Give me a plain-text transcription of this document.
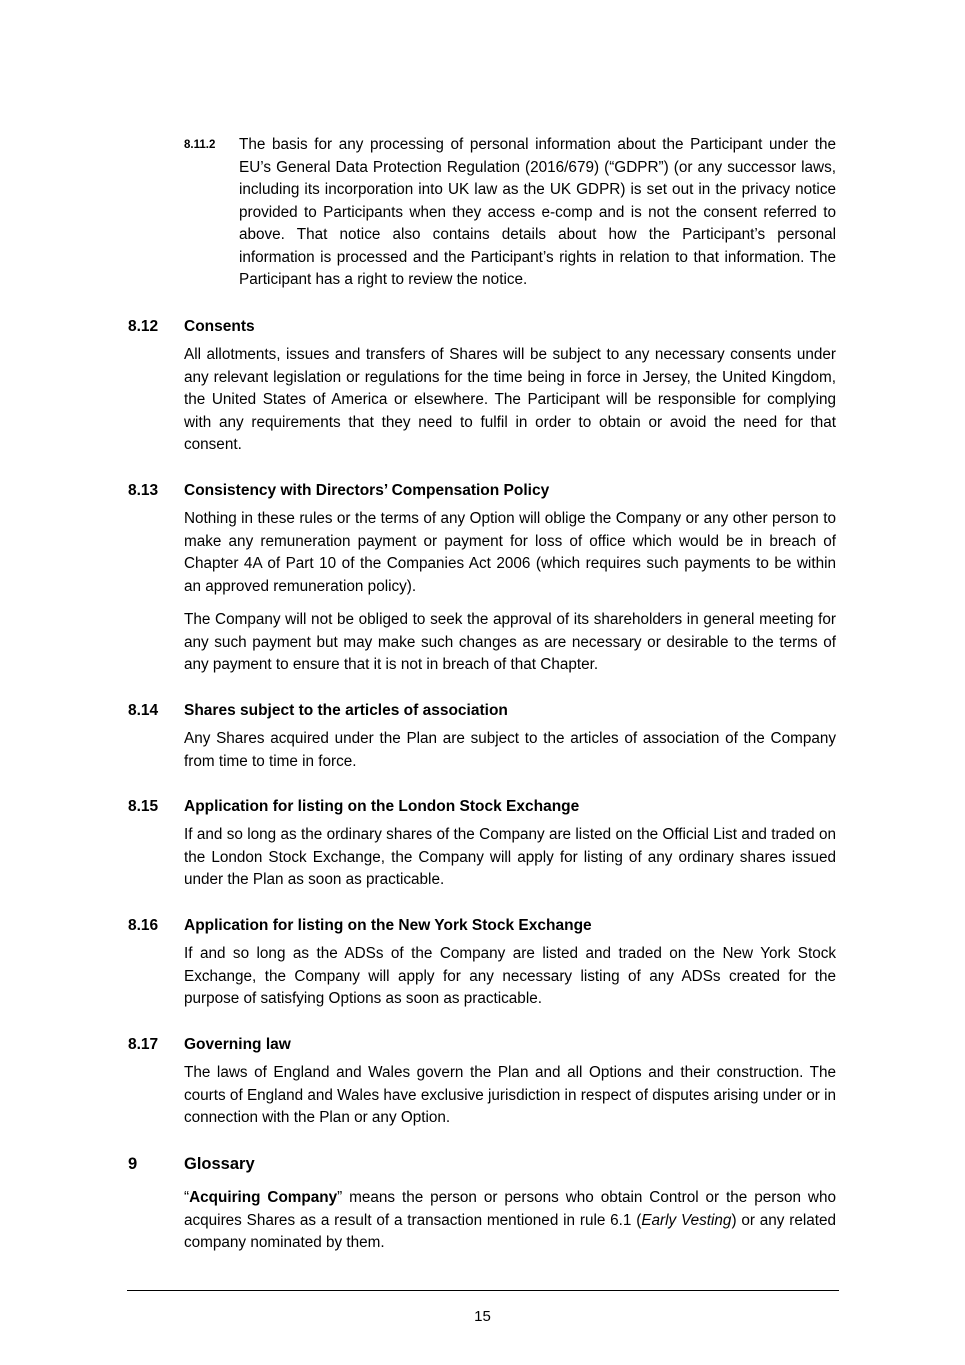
8.11.2 The basis for any processing of personal information about the Participant under the EU’s General Data Protection Regulation (2016/679) (“GDPR”) (or any successor laws, including its incorporation into UK law as the UK GDPR) is set out in the privacy notice provided to Participants when they access e-comp and is not the consent referred to above. That notice also contains details about how the Participant’s personal information is processed and the Participant’s rights in relation to that information. The Participant has a right to review the notice.
8.12	Consents
All allotments, issues and transfers of Shares will be subject to any necessary consents under any relevant legislation or regulations for the time being in force in Jersey, the United Kingdom, the United States of America or elsewhere. The Participant will be responsible for complying with any requirements that they need to fulfil in order to obtain or avoid the need for that consent.
8.13	Consistency with Directors’ Compensation Policy
Nothing in these rules or the terms of any Option will oblige the Company or any other person to make any remuneration payment or payment for loss of office which would be in breach of Chapter 4A of Part 10 of the Companies Act 2006 (which requires such payments to be within an approved remuneration policy).
The Company will not be obliged to seek the approval of its shareholders in general meeting for any such payment but may make such changes as are necessary or desirable to the terms of any payment to ensure that it is not in breach of that Chapter.
8.14	Shares subject to the articles of association
Any Shares acquired under the Plan are subject to the articles of association of the Company from time to time in force.
8.15	Application for listing on the London Stock Exchange
If and so long as the ordinary shares of the Company are listed on the Official List and traded on the London Stock Exchange, the Company will apply for listing of any ordinary shares issued under the Plan as soon as practicable.
8.16	Application for listing on the New York Stock Exchange
If and so long as the ADSs of the Company are listed and traded on the New York Stock Exchange, the Company will apply for any necessary listing of any ADSs created for the purpose of satisfying Options as soon as practicable.
8.17	Governing law
The laws of England and Wales govern the Plan and all Options and their construction. The courts of England and Wales have exclusive jurisdiction in respect of disputes arising under or in connection with the Plan or any Option.
9	Glossary
“Acquiring Company” means the person or persons who obtain Control or the person who acquires Shares as a result of a transaction mentioned in rule 6.1 (Early Vesting) or any related company nominated by them.
15
